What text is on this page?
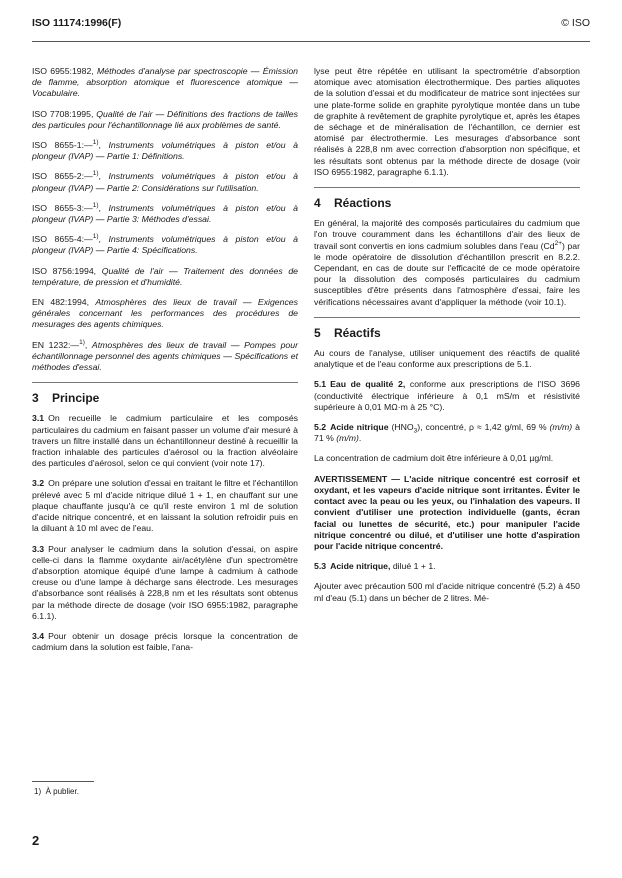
ISO 11174:1996(F)	© ISO

ISO 6955:1982, Méthodes d'analyse par spectroscopie — Émission de flamme, absorption atomique et fluorescence atomique — Vocabulaire.

ISO 7708:1995, Qualité de l'air — Définitions des fractions de tailles des particules pour l'échantillonnage lié aux problèmes de santé.

ISO 8655-1:—$^{1)}$, Instruments volumétriques à piston et/ou à plongeur (IVAP) — Partie 1: Définitions.

ISO 8655-2:—$^{1)}$, Instruments volumétriques à piston et/ou à plongeur (IVAP) — Partie 2: Considérations sur l'utilisation.

ISO 8655-3:—$^{1)}$, Instruments volumétriques à piston et/ou à plongeur (IVAP) — Partie 3: Méthodes d'essai.

ISO 8655-4:—$^{1)}$, Instruments volumétriques à piston et/ou à plongeur (IVAP) — Partie 4: Spécifications.

ISO 8756:1994, Qualité de l'air — Traitement des données de température, de pression et d'humidité.

EN 482:1994, Atmosphères des lieux de travail — Exigences générales concernant les performances des procédures de mesurages des agents chimiques.

EN 1232:—$^{1)}$, Atmosphères des lieux de travail — Pompes pour échantillonnage personnel des agents chimiques — Spécifications et méthodes d'essai.

3 Principe

3.1 On recueille le cadmium particulaire et les composés particulaires du cadmium en faisant passer un volume d'air mesuré à travers un filtre installé dans un échantillonneur destiné à recueillir la fraction inhalable des particules d'aérosol ou la fraction alvéolaire des particules d'aérosol, selon ce qui convient (voir note 17).

3.2 On prépare une solution d'essai en traitant le filtre et l'échantillon prélevé avec 5 ml d'acide nitrique dilué 1 + 1, en chauffant sur une plaque chauffante jusqu'à ce qu'il reste environ 1 ml de solution d'acide nitrique concentré, et en laissant la solution refroidir puis en la diluant à 10 ml avec de l'eau.

3.3 Pour analyser le cadmium dans la solution d'essai, on aspire celle-ci dans la flamme oxydante air/acétylène d'un spectromètre d'absorption atomique équipé d'une lampe à cadmium à cathode creuse ou d'une lampe à décharge sans électrode. Les mesurages d'absorbance sont réalisés à 228,8 nm et les résultats sont obtenus par la méthode directe de dosage (voir ISO 6955:1982, paragraphe 6.1.1).

3.4 Pour obtenir un dosage précis lorsque la concentration de cadmium dans la solution est faible, l'ana-

lyse peut être répétée en utilisant la spectrométrie d'absorption atomique avec atomisation électrothermique. Des parties aliquotes de la solution d'essai et du modificateur de matrice sont injectées sur une plate-forme solide en graphite pyrolytique montée dans un tube de graphite à revêtement de graphite pyrolytique et, après les étapes de séchage et de minéralisation de l'échantillon, ce dernier est atomisé par électrothermie. Les mesurages d'absorbance sont réalisés à 228,8 nm avec correction d'absorption non spécifique, et les résultats sont obtenus par la méthode directe de dosage (voir ISO 6955:1982, paragraphe 6.1.1).

4 Réactions

En général, la majorité des composés particulaires du cadmium que l'on trouve couramment dans les échantillons d'air des lieux de travail sont convertis en ions cadmium solubles dans l'eau $(Cd^{2+})$ par le mode opératoire de dissolution d'échantillon prescrit en 8.2.2. Cependant, en cas de doute sur l'efficacité de ce mode opératoire pour la dissolution des composés particulaires du cadmium susceptibles d'être présents dans l'atmosphère d'essai, faire les vérifications nécessaires avant d'appliquer la méthode (voir 10.1).

5 Réactifs

Au cours de l'analyse, utiliser uniquement des réactifs de qualité analytique et de l'eau conforme aux prescriptions de 5.1.

5.1 Eau de qualité 2, conforme aux prescriptions de l'ISO 3696 (conductivité électrique inférieure à 0,1 mS/m et résistivité supérieure à 0,01 MΩ·m à 25 °C).

5.2 Acide nitrique $(HNO_3)$, concentré, ρ ≈ 1,42 g/ml, 69 % (m/m) à 71 % (m/m).

La concentration de cadmium doit être inférieure à 0,01 µg/ml.

AVERTISSEMENT — L'acide nitrique concentré est corrosif et oxydant, et les vapeurs d'acide nitrique sont irritantes. Éviter le contact avec la peau ou les yeux, ou l'inhalation des vapeurs. Il convient d'utiliser une protection individuelle (gants, écran facial ou lunettes de sécurité, etc.) pour manipuler l'acide nitrique concentré ou dilué, et d'utiliser une hotte d'aspiration pour l'acide nitrique concentré.

5.3 Acide nitrique, dilué 1 + 1.

Ajouter avec précaution 500 ml d'acide nitrique concentré (5.2) à 450 ml d'eau (5.1) dans un bécher de 2 litres. Mé-

1) À publier.
2
